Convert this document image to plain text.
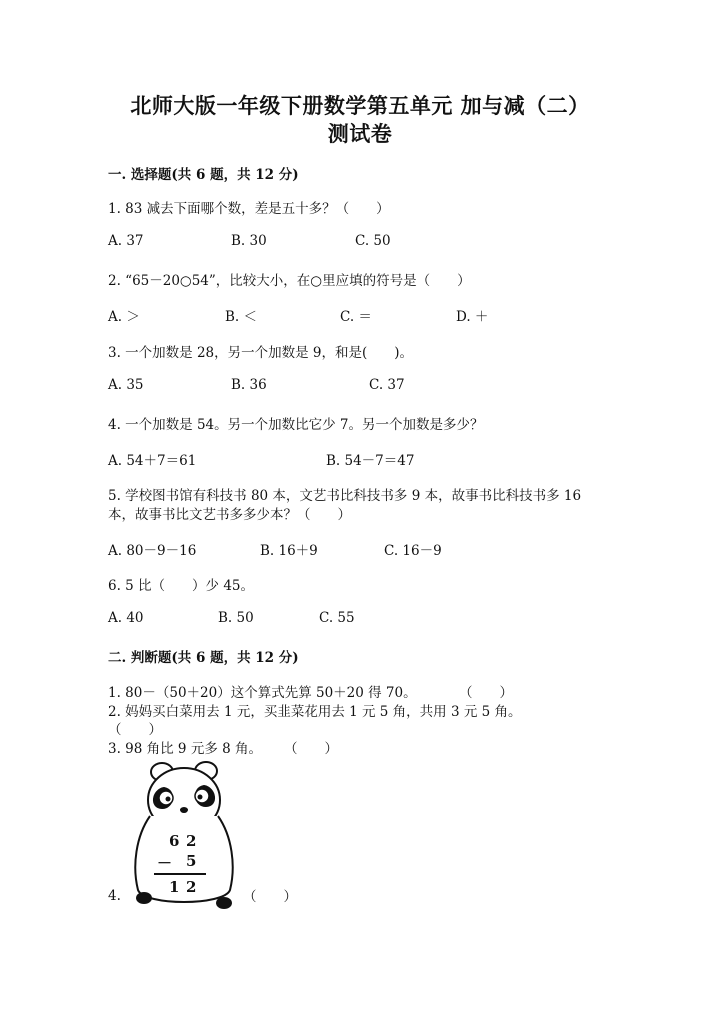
北师大版一年级下册数学第五单元 加与减（二）
测试卷
一. 选择题(共 6 题，共 12 分)
1. 83 减去下面哪个数，差是五十多？（　　）
A. 37	B. 30	C. 50
2. “65－20○54”，比较大小，在○里应填的符号是（　　）
A. ＞	B. ＜	C. ＝	D. ＋
3. 一个加数是 28，另一个加数是 9，和是(　　)。
A. 35	B. 36	C. 37
4. 一个加数是 54。另一个加数比它少 7。另一个加数是多少？
A. 54＋7＝61	B. 54－7＝47
5. 学校图书馆有科技书 80 本，文艺书比科技书多 9 本，故事书比科技书多 16
本，故事书比文艺书多多少本？（　　）
A. 80－9－16	B. 16＋9	C. 16－9
6. 5 比（　　）少 45。
A. 40	B. 50	C. 55
二. 判断题(共 6 题，共 12 分)
1. 80－（50＋20）这个算式先算 50＋20 得 70。	（　　）
2. 妈妈买白菜用去 1 元，买韭菜花用去 1 元 5 角，共用 3 元 5 角。
（　　）
3. 98 角比 9 元多 8 角。 （　　）
6 2
－ 5
1 2
4.	（　　）
